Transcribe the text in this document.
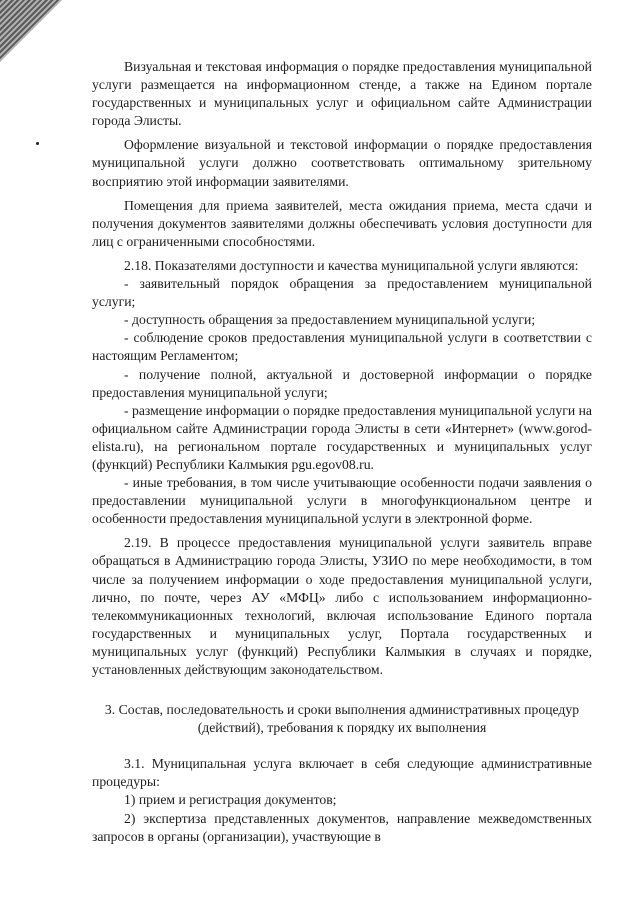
Визуальная и текстовая информация о порядке предоставления муниципальной услуги размещается на информационном стенде, а также на Едином портале государственных и муниципальных услуг и официальном сайте Администрации города Элисты.

Оформление визуальной и текстовой информации о порядке предоставления муниципальной услуги должно соответствовать оптимальному зрительному восприятию этой информации заявителями.

Помещения для приема заявителей, места ожидания приема, места сдачи и получения документов заявителями должны обеспечивать условия доступности для лиц с ограниченными способностями.

2.18. Показателями доступности и качества муниципальной услуги являются:

- заявительный порядок обращения за предоставлением муниципальной услуги;

- доступность обращения за предоставлением муниципальной услуги;

- соблюдение сроков предоставления муниципальной услуги в соответствии с настоящим Регламентом;

- получение полной, актуальной и достоверной информации о порядке предоставления муниципальной услуги;

- размещение информации о порядке предоставления муниципальной услуги на официальном сайте Администрации города Элисты в сети «Интернет» (www.gorod-elista.ru), на региональном портале государственных и муниципальных услуг (функций) Республики Калмыкия pgu.egov08.ru.

- иные требования, в том числе учитывающие особенности подачи заявления о предоставлении муниципальной услуги в многофункциональном центре и особенности предоставления муниципальной услуги в электронной форме.

2.19. В процессе предоставления муниципальной услуги заявитель вправе обращаться в Администрацию города Элисты, УЗИО по мере необходимости, в том числе за получением информации о ходе предоставления муниципальной услуги, лично, по почте, через АУ «МФЦ» либо с использованием информационно-телекоммуникационных технологий, включая использование Единого портала государственных и муниципальных услуг, Портала государственных и муниципальных услуг (функций) Республики Калмыкия в случаях и порядке, установленных действующим законодательством.

3. Состав, последовательность и сроки выполнения административных процедур (действий), требования к порядку их выполнения

3.1. Муниципальная услуга включает в себя следующие административные процедуры:

1) прием и регистрация документов;

2) экспертиза представленных документов, направление межведомственных запросов в органы (организации), участвующие в
